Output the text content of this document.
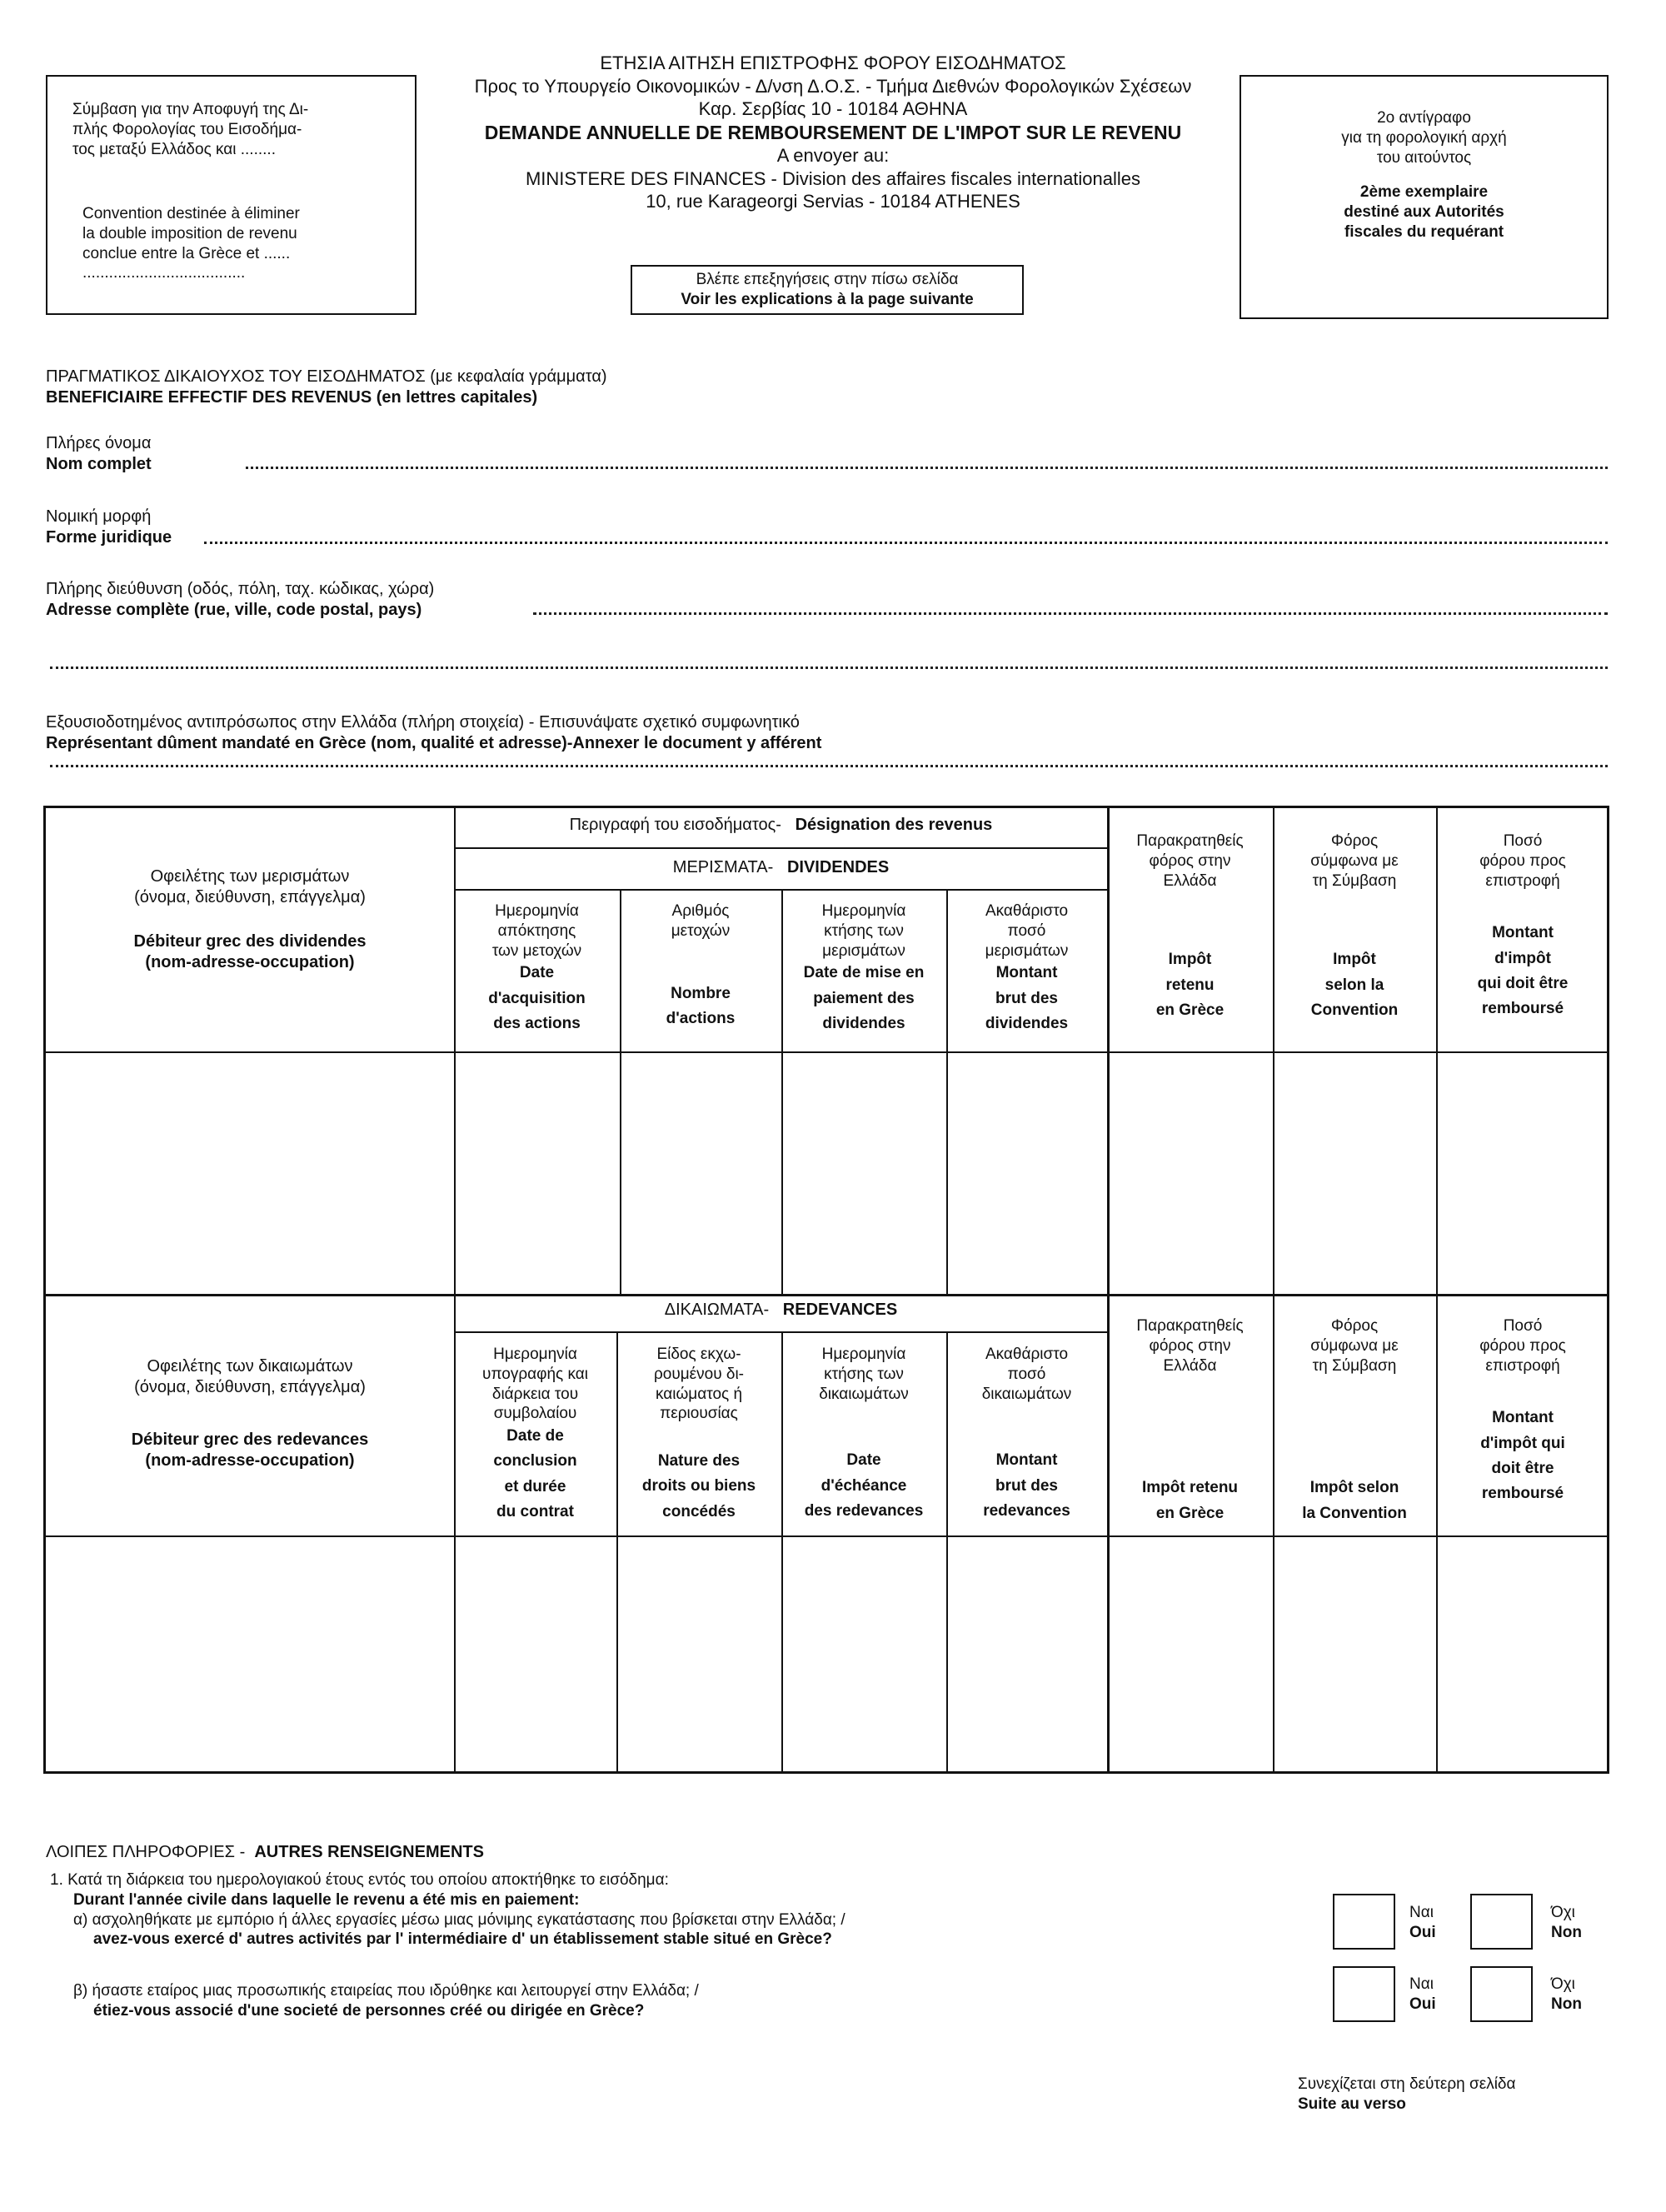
Σύμβαση για την Αποφυγή της Δι-
πλής Φορολογίας του Εισοδήμα-
τος μεταξύ Ελλάδος και ........
Convention destinée à éliminer
la double imposition de revenu
conclue entre la Grèce et ......
.....................................
ΕΤΗΣΙΑ ΑΙΤΗΣΗ ΕΠΙΣΤΡΟΦΗΣ ΦΟΡΟΥ ΕΙΣΟΔΗΜΑΤΟΣ
Προς το Υπουργείο Οικονομικών - Δ/νση Δ.Ο.Σ. - Τμήμα Διεθνών Φορολογικών Σχέσεων
Καρ. Σερβίας 10 - 10184 ΑΘΗΝΑ
DEMANDE ANNUELLE DE REMBOURSEMENT DE L'IMPOT SUR LE REVENU
A envoyer au:
MINISTERE DES FINANCES - Division des affaires fiscales internationalles
10, rue Karageorgi Servias - 10184 ATHENES
Βλέπε επεξηγήσεις στην πίσω σελίδα
Voir les explications à la page suivante
2ο αντίγραφο
για τη φορολογική αρχή
του αιτούντος
2ème exemplaire
destiné aux Autorités
fiscales du requérant
ΠΡΑΓΜΑΤΙΚΟΣ ΔΙΚΑΙΟΥΧΟΣ ΤΟΥ ΕΙΣΟΔΗΜΑΤΟΣ (με κεφαλαία γράμματα)
BENEFICIAIRE EFFECTIF DES REVENUS (en lettres capitales)
Πλήρες όνομα
Nom complet
Νομική μορφή
Forme juridique
Πλήρης διεύθυνση (οδός, πόλη, ταχ. κώδικας, χώρα)
Adresse complète (rue, ville, code postal, pays)
Εξουσιοδοτημένος αντιπρόσωπος στην Ελλάδα (πλήρη στοιχεία) - Επισυνάψατε σχετικό συμφωνητικό
Représentant dûment mandaté en Grèce (nom, qualité et adresse)-Annexer le document y afférent
Περιγραφή του εισοδήματος- Désignation des revenus
ΜΕΡΙΣΜΑΤΑ- DIVIDENDES
Οφειλέτης των μερισμάτων
(όνομα, διεύθυνση, επάγγελμα)
Débiteur grec des dividendes
(nom-adresse-occupation)
Ημερομηνία
απόκτησης
των μετοχών
Date
d'acquisition
des actions
Αριθμός
μετοχών
Nombre
d'actions
Ημερομηνία
κτήσης των
μερισμάτων
Date de mise en
paiement des
dividendes
Ακαθάριστο
ποσό
μερισμάτων
Montant
brut des
dividendes
Παρακρατηθείς
φόρος στην
Ελλάδα
Impôt
retenu
en Grèce
Φόρος
σύμφωνα με
τη Σύμβαση
Impôt
selon la
Convention
Ποσό
φόρου προς
επιστροφή
Montant
d'impôt
qui doit être
remboursé
ΔΙΚΑΙΩΜΑΤΑ- REDEVANCES
Οφειλέτης των δικαιωμάτων
(όνομα, διεύθυνση, επάγγελμα)
Débiteur grec des redevances
(nom-adresse-occupation)
Ημερομηνία
υπογραφής και
διάρκεια του
συμβολαίου
Date de
conclusion
et durée
du contrat
Είδος εκχω-
ρουμένου δι-
καιώματος ή
περιουσίας
Nature des
droits ou biens
concédés
Ημερομηνία
κτήσης των
δικαιωμάτων
Date
d'échéance
des redevances
Ακαθάριστο
ποσό
δικαιωμάτων
Montant
brut des
redevances
Παρακρατηθείς
φόρος στην
Ελλάδα
Impôt retenu
en Grèce
Φόρος
σύμφωνα με
τη Σύμβαση
Impôt selon
la Convention
Ποσό
φόρου προς
επιστροφή
Montant
d'impôt qui
doit être
remboursé
ΛΟΙΠΕΣ ΠΛΗΡΟΦΟΡΙΕΣ - AUTRES RENSEIGNEMENTS
1. Κατά τη διάρκεια του ημερολογιακού έτους εντός του οποίου αποκτήθηκε το εισόδημα:
Durant l'année civile dans laquelle le revenu a été mis en paiement:
α) ασχοληθήκατε με εμπόριο ή άλλες εργασίες μέσω μιας μόνιμης εγκατάστασης που βρίσκεται στην Ελλάδα; /
avez-vous exercé d' autres activités par l' intermédiaire d' un établissement stable situé en Grèce?
β) ήσαστε εταίρος μιας προσωπικής εταιρείας που ιδρύθηκε και λειτουργεί στην Ελλάδα; /
étiez-vous associé d'une societé de personnes créé ou dirigée en Grèce?
Ναι
Oui
Όχι
Non
Ναι
Oui
Όχι
Non
Συνεχίζεται στη δεύτερη σελίδα
Suite au verso
